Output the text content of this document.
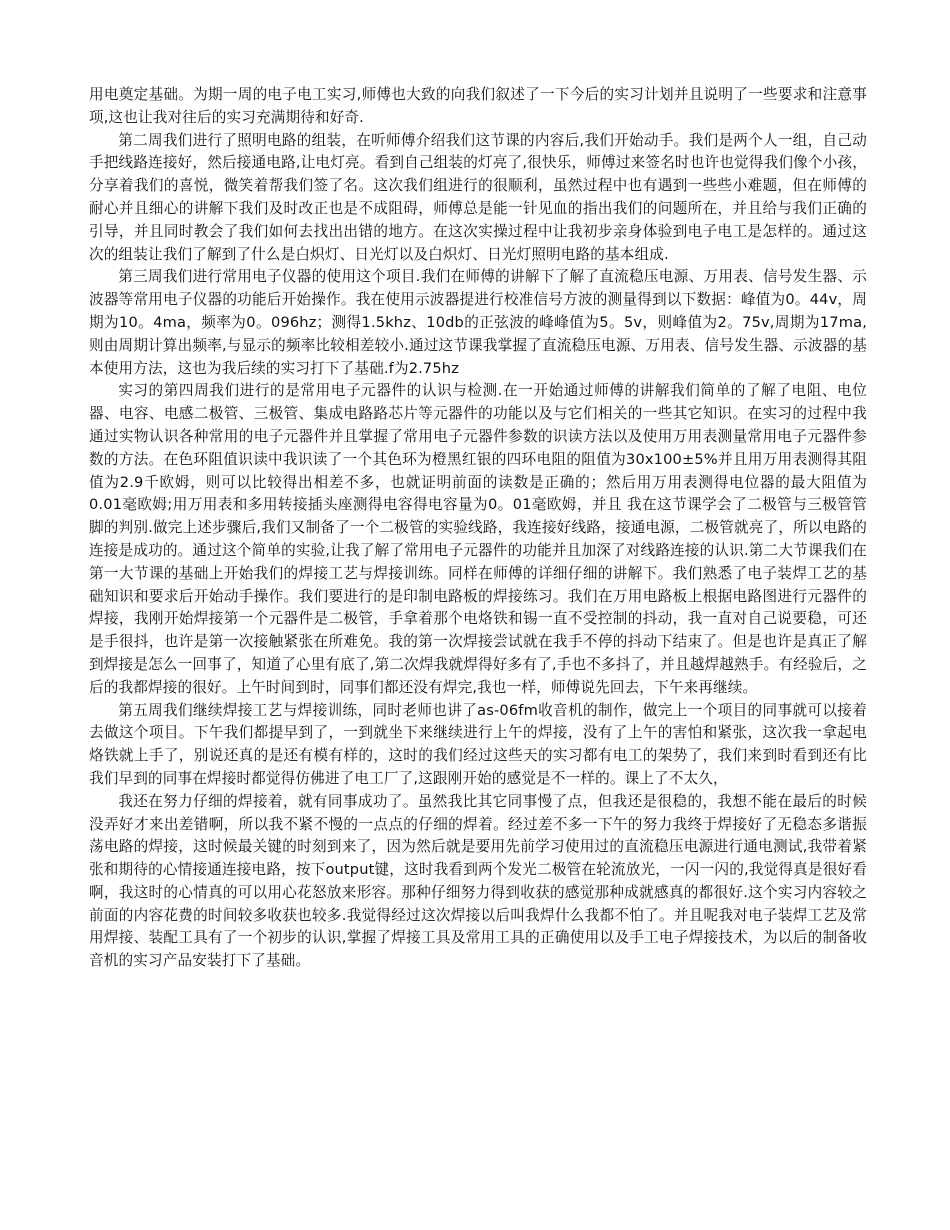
用电奠定基础。为期一周的电子电工实习,师傅也大致的向我们叙述了一下今后的实习计划并且说明了一些要求和注意事项,这也让我对往后的实习充满期待和好奇.

第二周我们进行了照明电路的组装，在听师傅介绍我们这节课的内容后,我们开始动手。我们是两个人一组，自己动手把线路连接好，然后接通电路,让电灯亮。看到自己组装的灯亮了,很快乐，师傅过来签名时也许也觉得我们像个小孩，分享着我们的喜悦，微笑着帮我们签了名。这次我们组进行的很顺利，虽然过程中也有遇到一些些小难题，但在师傅的耐心并且细心的讲解下我们及时改正也是不成阻碍，师傅总是能一针见血的指出我们的问题所在，并且给与我们正确的引导，并且同时教会了我们如何去找出出错的地方。在这次实操过程中让我初步亲身体验到电子电工是怎样的。通过这次的组装让我们了解到了什么是白炽灯、日光灯以及白炽灯、日光灯照明电路的基本组成.

第三周我们进行常用电子仪器的使用这个项目.我们在师傅的讲解下了解了直流稳压电源、万用表、信号发生器、示波器等常用电子仪器的功能后开始操作。我在使用示波器提进行校准信号方波的测量得到以下数据：峰值为0。44v，周期为10。4ma，频率为0。096hz；测得1.5khz、10db的正弦波的峰峰值为5。5v，则峰值为2。75v,周期为17ma,则由周期计算出频率,与显示的频率比较相差较小.通过这节课我掌握了直流稳压电源、万用表、信号发生器、示波器的基本使用方法，这也为我后续的实习打下了基础.f为2.75hz

实习的第四周我们进行的是常用电子元器件的认识与检测.在一开始通过师傅的讲解我们简单的了解了电阻、电位器、电容、电感二极管、三极管、集成电路路芯片等元器件的功能以及与它们相关的一些其它知识。在实习的过程中我通过实物认识各种常用的电子元器件并且掌握了常用电子元器件参数的识读方法以及使用万用表测量常用电子元器件参数的方法。在色环阻值识读中我识读了一个其色环为橙黑红银的四环电阻的阻值为30x100±5%并且用万用表测得其阻值为2.9千欧姆，则可以比较得出相差不多，也就证明前面的读数是正确的；然后用万用表测得电位器的最大阻值为0.01毫欧姆;用万用表和多用转接插头座测得电容得电容量为0。01毫欧姆，并且 我在这节课学会了二极管与三极管管脚的判别.做完上述步骤后,我们又制备了一个二极管的实验线路，我连接好线路，接通电源，二极管就亮了，所以电路的连接是成功的。通过这个简单的实验,让我了解了常用电子元器件的功能并且加深了对线路连接的认识.第二大节课我们在第一大节课的基础上开始我们的焊接工艺与焊接训练。同样在师傅的详细仔细的讲解下。我们熟悉了电子装焊工艺的基础知识和要求后开始动手操作。我们要进行的是印制电路板的焊接练习。我们在万用电路板上根据电路图进行元器件的焊接，我刚开始焊接第一个元器件是二极管，手拿着那个电烙铁和锡一直不受控制的抖动，我一直对自己说要稳，可还是手很抖，也许是第一次接触紧张在所难免。我的第一次焊接尝试就在我手不停的抖动下结束了。但是也许是真正了解到焊接是怎么一回事了，知道了心里有底了,第二次焊我就焊得好多有了,手也不多抖了，并且越焊越熟手。有经验后，之后的我都焊接的很好。上午时间到时，同事们都还没有焊完,我也一样，师傅说先回去，下午来再继续。

第五周我们继续焊接工艺与焊接训练，同时老师也讲了as-06fm收音机的制作，做完上一个项目的同事就可以接着去做这个项目。下午我们都提早到了，一到就坐下来继续进行上午的焊接，没有了上午的害怕和紧张，这次我一拿起电烙铁就上手了，别说还真的是还有模有样的，这时的我们经过这些天的实习都有电工的架势了，我们来到时看到还有比我们早到的同事在焊接时都觉得仿佛进了电工厂了,这跟刚开始的感觉是不一样的。课上了不太久，

我还在努力仔细的焊接着，就有同事成功了。虽然我比其它同事慢了点，但我还是很稳的，我想不能在最后的时候没弄好才来出差错啊，所以我不紧不慢的一点点的仔细的焊着。经过差不多一下午的努力我终于焊接好了无稳态多谐振荡电路的焊接，这时候最关键的时刻到来了，因为然后就是要用先前学习使用过的直流稳压电源进行通电测试,我带着紧张和期待的心情接通连接电路，按下output键，这时我看到两个发光二极管在轮流放光，一闪一闪的,我觉得真是很好看啊，我这时的心情真的可以用心花怒放来形容。那种仔细努力得到收获的感觉那种成就感真的都很好.这个实习内容较之前面的内容花费的时间较多收获也较多.我觉得经过这次焊接以后叫我焊什么我都不怕了。并且呢我对电子装焊工艺及常用焊接、装配工具有了一个初步的认识,掌握了焊接工具及常用工具的正确使用以及手工电子焊接技术，为以后的制备收音机的实习产品安装打下了基础。
